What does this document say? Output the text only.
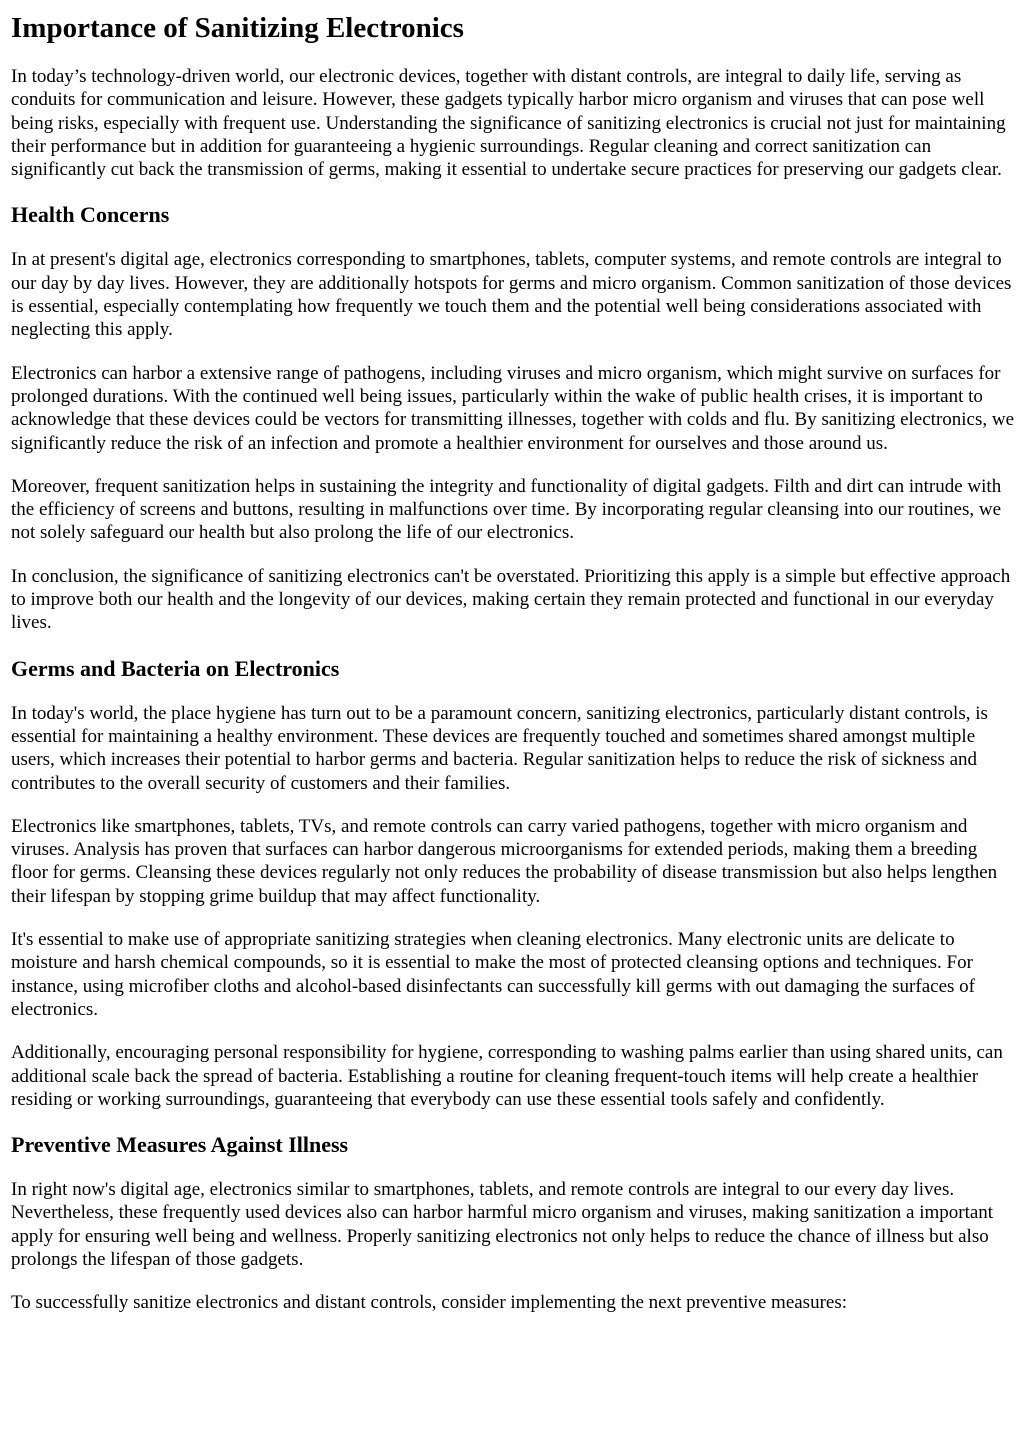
Importance of Sanitizing Electronics

In today’s technology-driven world, our electronic devices, together with distant controls, are integral to daily life, serving as conduits for communication and leisure. However, these gadgets typically harbor micro organism and viruses that can pose well being risks, especially with frequent use. Understanding the significance of sanitizing electronics is crucial not just for maintaining their performance but in addition for guaranteeing a hygienic surroundings. Regular cleaning and correct sanitization can significantly cut back the transmission of germs, making it essential to undertake secure practices for preserving our gadgets clear.

Health Concerns

In at present's digital age, electronics corresponding to smartphones, tablets, computer systems, and remote controls are integral to our day by day lives. However, they are additionally hotspots for germs and micro organism. Common sanitization of those devices is essential, especially contemplating how frequently we touch them and the potential well being considerations associated with neglecting this apply.

Electronics can harbor a extensive range of pathogens, including viruses and micro organism, which might survive on surfaces for prolonged durations. With the continued well being issues, particularly within the wake of public health crises, it is important to acknowledge that these devices could be vectors for transmitting illnesses, together with colds and flu. By sanitizing electronics, we significantly reduce the risk of an infection and promote a healthier environment for ourselves and those around us.

Moreover, frequent sanitization helps in sustaining the integrity and functionality of digital gadgets. Filth and dirt can intrude with the efficiency of screens and buttons, resulting in malfunctions over time. By incorporating regular cleansing into our routines, we not solely safeguard our health but also prolong the life of our electronics.

In conclusion, the significance of sanitizing electronics can't be overstated. Prioritizing this apply is a simple but effective approach to improve both our health and the longevity of our devices, making certain they remain protected and functional in our everyday lives.

Germs and Bacteria on Electronics

In today's world, the place hygiene has turn out to be a paramount concern, sanitizing electronics, particularly distant controls, is essential for maintaining a healthy environment. These devices are frequently touched and sometimes shared amongst multiple users, which increases their potential to harbor germs and bacteria. Regular sanitization helps to reduce the risk of sickness and contributes to the overall security of customers and their families.

Electronics like smartphones, tablets, TVs, and remote controls can carry varied pathogens, together with micro organism and viruses. Analysis has proven that surfaces can harbor dangerous microorganisms for extended periods, making them a breeding floor for germs. Cleansing these devices regularly not only reduces the probability of disease transmission but also helps lengthen their lifespan by stopping grime buildup that may affect functionality.

It's essential to make use of appropriate sanitizing strategies when cleaning electronics. Many electronic units are delicate to moisture and harsh chemical compounds, so it is essential to make the most of protected cleansing options and techniques. For instance, using microfiber cloths and alcohol-based disinfectants can successfully kill germs with out damaging the surfaces of electronics.

Additionally, encouraging personal responsibility for hygiene, corresponding to washing palms earlier than using shared units, can additional scale back the spread of bacteria. Establishing a routine for cleaning frequent-touch items will help create a healthier residing or working surroundings, guaranteeing that everybody can use these essential tools safely and confidently.

Preventive Measures Against Illness

In right now's digital age, electronics similar to smartphones, tablets, and remote controls are integral to our every day lives. Nevertheless, these frequently used devices also can harbor harmful micro organism and viruses, making sanitization a important apply for ensuring well being and wellness. Properly sanitizing electronics not only helps to reduce the chance of illness but also prolongs the lifespan of those gadgets.

To successfully sanitize electronics and distant controls, consider implementing the next preventive measures:
